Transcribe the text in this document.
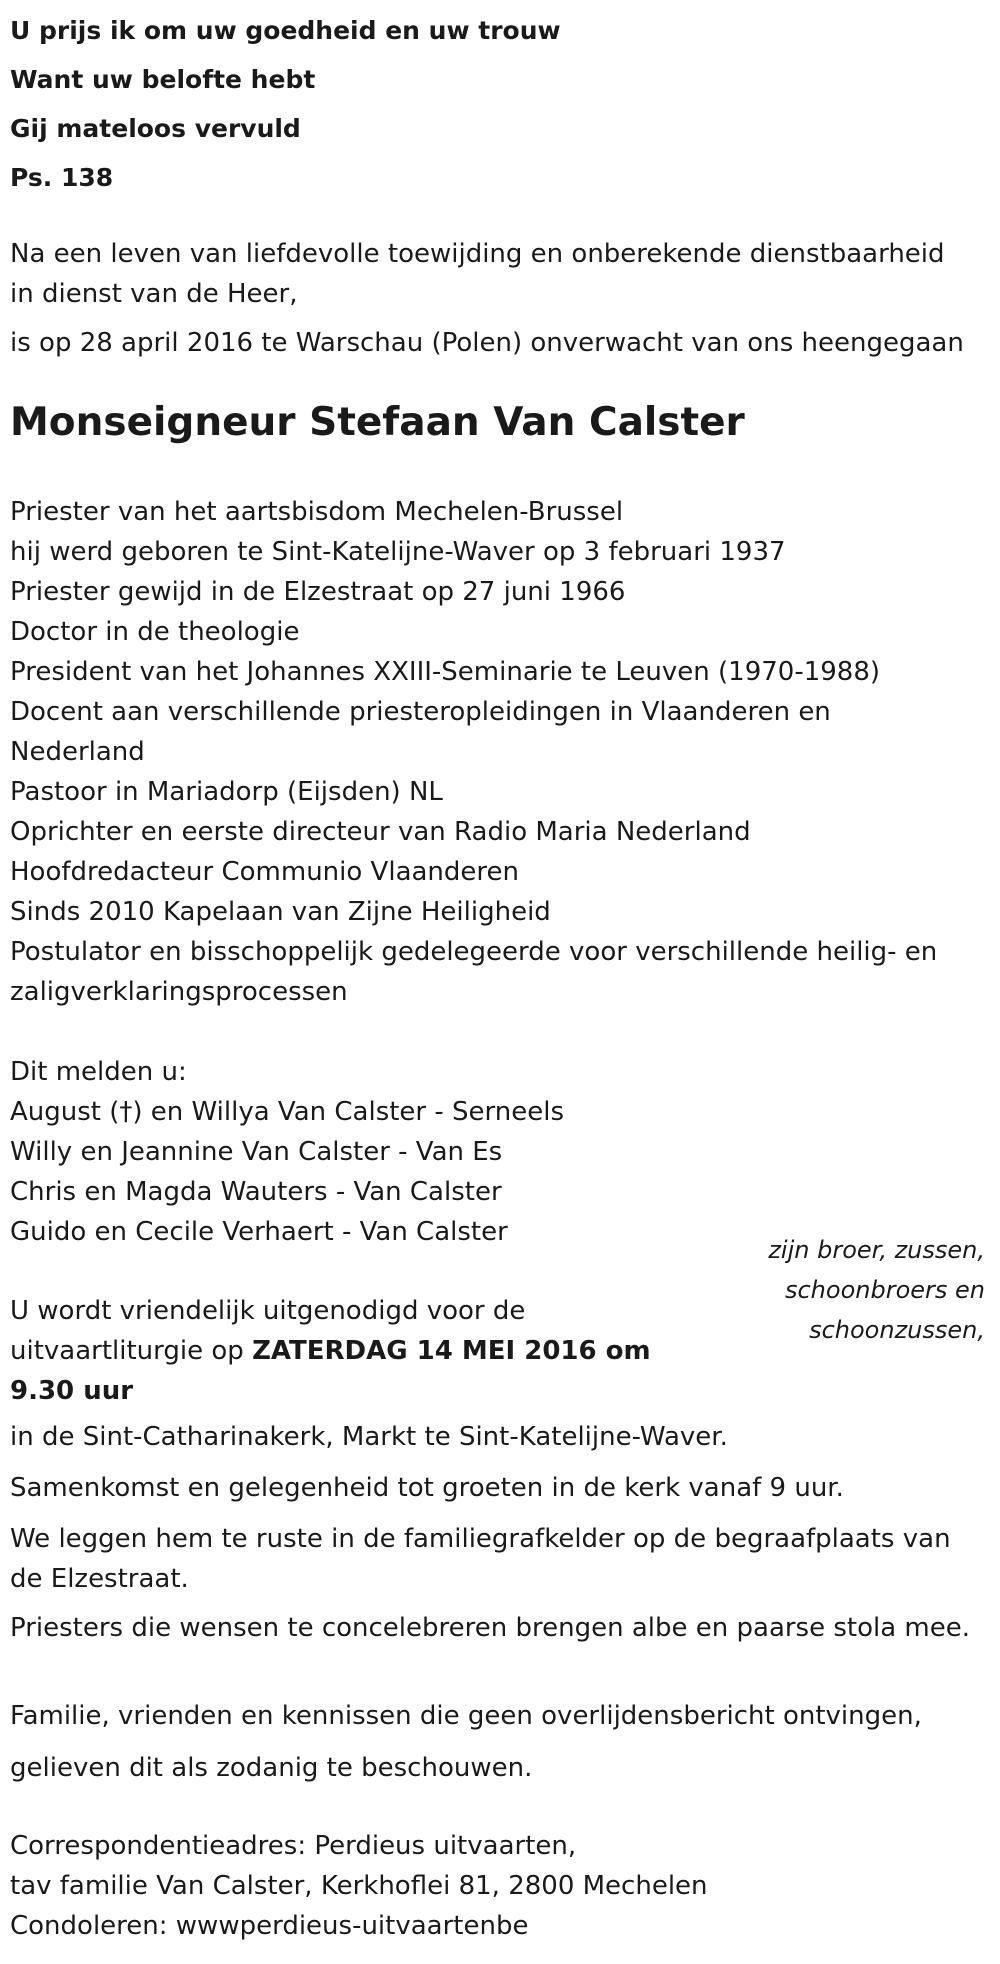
U prijs ik om uw goedheid en uw trouw

Want uw belofte hebt

Gij mateloos vervuld

Ps. 138

Na een leven van liefdevolle toewijding en onberekende dienstbaarheid

in dienst van de Heer,

is op 28 april 2016 te Warschau (Polen) onverwacht van ons heengegaan

Monseigneur Stefaan Van Calster
Priester van het aartsbisdom Mechelen-Brussel
hij werd geboren te Sint-Katelijne-Waver op 3 februari 1937
Priester gewijd in de Elzestraat op 27 juni 1966
Doctor in de theologie
President van het Johannes XXIII-Seminarie te Leuven (1970-1988)
Docent aan verschillende priesteropleidingen in Vlaanderen en
Nederland
Pastoor in Mariadorp (Eijsden) NL
Oprichter en eerste directeur van Radio Maria Nederland
Hoofdredacteur Communio Vlaanderen
Sinds 2010 Kapelaan van Zijne Heiligheid
Postulator en bisschoppelijk gedelegeerde voor verschillende heilig- en
zaligverklaringsprocessen
Dit melden u:
August (†) en Willya Van Calster - Serneels
Willy en Jeannine Van Calster - Van Es
Chris en Magda Wauters - Van Calster
Guido en Cecile Verhaert - Van Calster

zijn broer, zussen,
schoonbroers en
schoonzussen,

U wordt vriendelijk uitgenodigd voor de uitvaartliturgie op ZATERDAG 14 MEI 2016 om 9.30 uur

in de Sint-Catharinakerk, Markt te Sint-Katelijne-Waver.

Samenkomst en gelegenheid tot groeten in de kerk vanaf 9 uur.

We leggen hem te ruste in de familiegrafkelder op de begraafplaats van de Elzestraat.

Priesters die wensen te concelebreren brengen albe en paarse stola mee.

Familie, vrienden en kennissen die geen overlijdensbericht ontvingen,

gelieven dit als zodanig te beschouwen.

Correspondentieadres: Perdieus uitvaarten,

tav familie Van Calster, Kerkhoflei 81, 2800 Mechelen

Condoleren: wwwperdieus-uitvaartenbe
